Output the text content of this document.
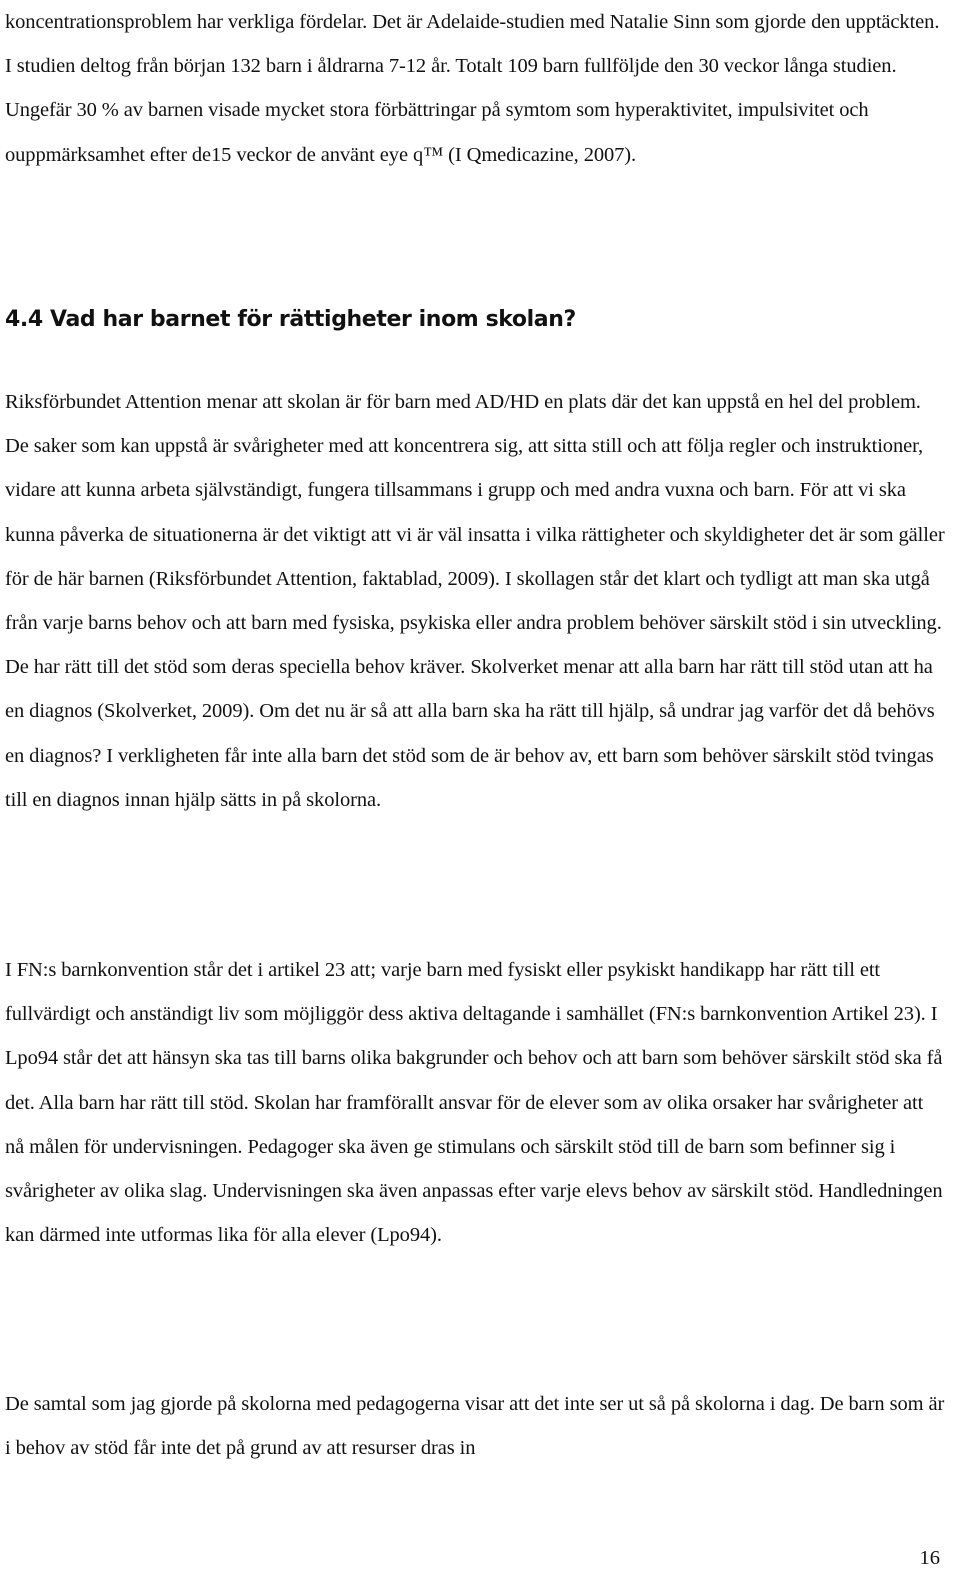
koncentrationsproblem har verkliga fördelar. Det är Adelaide-studien med Natalie Sinn som gjorde den upptäckten. I studien deltog från början 132 barn i åldrarna 7-12 år. Totalt 109 barn fullföljde den 30 veckor långa studien. Ungefär 30 % av barnen visade mycket stora förbättringar på symtom som hyperaktivitet, impulsivitet och ouppmärksamhet efter de15 veckor de använt eye q™ (I Qmedicazine, 2007).

4.4 Vad har barnet för rättigheter inom skolan?

Riksförbundet Attention menar att skolan är för barn med AD/HD en plats där det kan uppstå en hel del problem. De saker som kan uppstå är svårigheter med att koncentrera sig, att sitta still och att följa regler och instruktioner, vidare att kunna arbeta självständigt, fungera tillsammans i grupp och med andra vuxna och barn. För att vi ska kunna påverka de situationerna är det viktigt att vi är väl insatta i vilka rättigheter och skyldigheter det är som gäller för de här barnen (Riksförbundet Attention, faktablad, 2009). I skollagen står det klart och tydligt att man ska utgå från varje barns behov och att barn med fysiska, psykiska eller andra problem behöver särskilt stöd i sin utveckling. De har rätt till det stöd som deras speciella behov kräver. Skolverket menar att alla barn har rätt till stöd utan att ha en diagnos (Skolverket, 2009). Om det nu är så att alla barn ska ha rätt till hjälp, så undrar jag varför det då behövs en diagnos? I verkligheten får inte alla barn det stöd som de är behov av, ett barn som behöver särskilt stöd tvingas till en diagnos innan hjälp sätts in på skolorna.

I FN:s barnkonvention står det i artikel 23 att; varje barn med fysiskt eller psykiskt handikapp har rätt till ett fullvärdigt och anständigt liv som möjliggör dess aktiva deltagande i samhället (FN:s barnkonvention Artikel 23). I Lpo94 står det att hänsyn ska tas till barns olika bakgrunder och behov och att barn som behöver särskilt stöd ska få det. Alla barn har rätt till stöd. Skolan har framförallt ansvar för de elever som av olika orsaker har svårigheter att nå målen för undervisningen. Pedagoger ska även ge stimulans och särskilt stöd till de barn som befinner sig i svårigheter av olika slag. Undervisningen ska även anpassas efter varje elevs behov av särskilt stöd. Handledningen kan därmed inte utformas lika för alla elever (Lpo94).

De samtal som jag gjorde på skolorna med pedagogerna visar att det inte ser ut så på skolorna i dag. De barn som är i behov av stöd får inte det på grund av att resurser dras in

16
